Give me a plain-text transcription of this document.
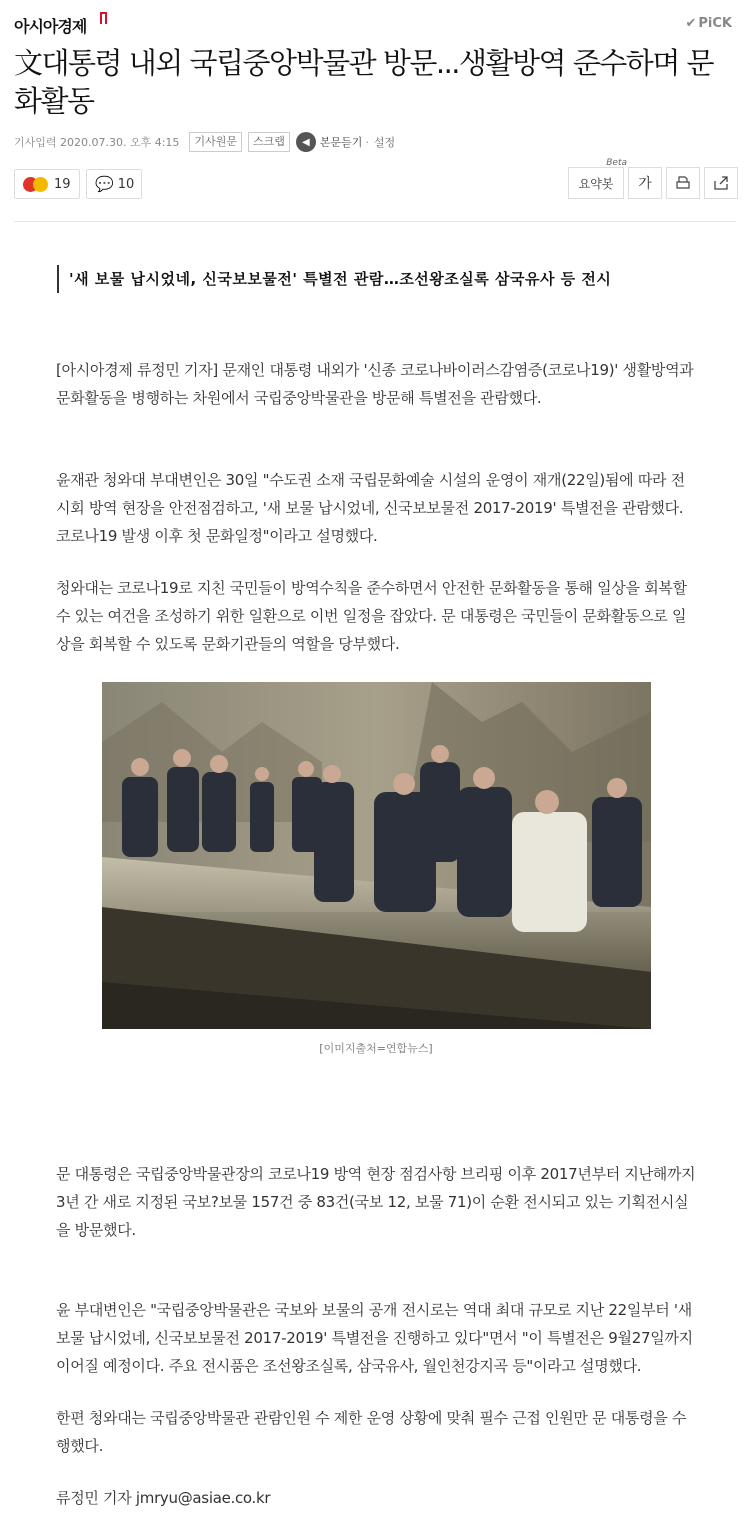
아시아경제	✔ PiCK
文대통령 내외 국립중앙박물관 방문...생활방역 준수하며 문화활동
기사입력 2020.07.30. 오후 4:15	기사원문	스크랩	◀ 본문듣기 · 설정
19 💬 10	요약봇
Beta
가
'새 보물 납시었네, 신국보보물전' 특별전 관람…조선왕조실록 삼국유사 등 전시

[아시아경제 류정민 기자] 문재인 대통령 내외가 '신종 코로나바이러스감염증(코로나19)' 생활방역과 문화활동을 병행하는 차원에서 국립중앙박물관을 방문해 특별전을 관람했다.

윤재관 청와대 부대변인은 30일 "수도권 소재 국립문화예술 시설의 운영이 재개(22일)됨에 따라 전시회 방역 현장을 안전점검하고, '새 보물 납시었네, 신국보보물전 2017-2019' 특별전을 관람했다. 코로나19 발생 이후 첫 문화일정"이라고 설명했다.

청와대는 코로나19로 지친 국민들이 방역수칙을 준수하면서 안전한 문화활동을 통해 일상을 회복할 수 있는 여건을 조성하기 위한 일환으로 이번 일정을 잡았다. 문 대통령은 국민들이 문화활동으로 일상을 회복할 수 있도록 문화기관들의 역할을 당부했다.

[이미지출처=연합뉴스]

문 대통령은 국립중앙박물관장의 코로나19 방역 현장 점검사항 브리핑 이후 2017년부터 지난해까지 3년 간 새로 지정된 국보?보물 157건 중 83건(국보 12, 보물 71)이 순환 전시되고 있는 기획전시실을 방문했다.

윤 부대변인은 "국립중앙박물관은 국보와 보물의 공개 전시로는 역대 최대 규모로 지난 22일부터 '새 보물 납시었네, 신국보보물전 2017-2019' 특별전을 진행하고 있다"면서 "이 특별전은 9월27일까지 이어질 예정이다. 주요 전시품은 조선왕조실록, 삼국유사, 월인천강지곡 등"이라고 설명했다.

한편 청와대는 국립중앙박물관 관람인원 수 제한 운영 상황에 맞춰 필수 근접 인원만 문 대통령을 수행했다.

류정민 기자 jmryu@asiae.co.kr
